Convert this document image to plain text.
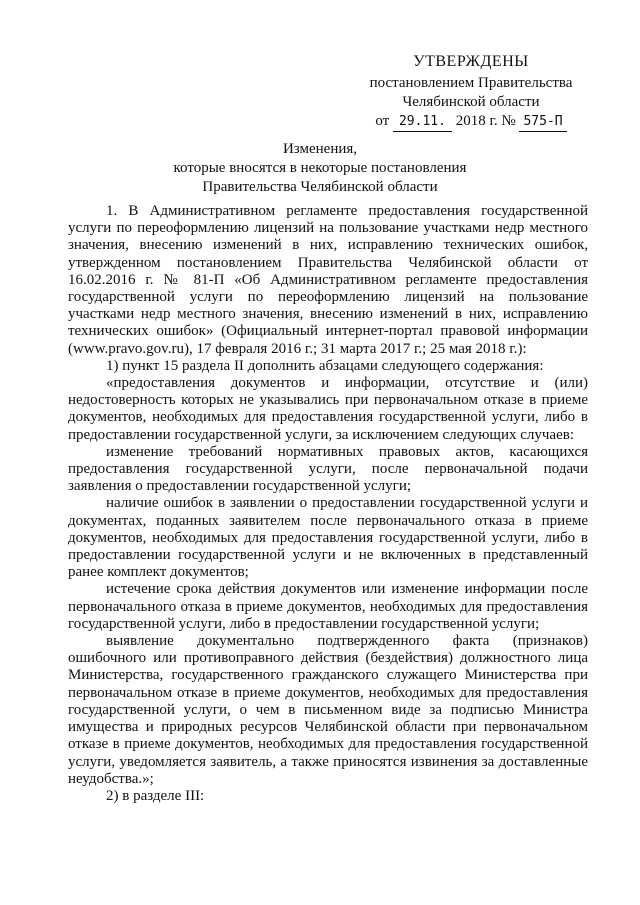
УТВЕРЖДЕНЫ
постановлением Правительства
Челябинской области
от 29.11. 2018 г. № 575-П
Изменения,
которые вносятся в некоторые постановления
Правительства Челябинской области

1. В Административном регламенте предоставления государственной услуги по переоформлению лицензий на пользование участками недр местного значения, внесению изменений в них, исправлению технических ошибок, утвержденном постановлением Правительства Челябинской области от 16.02.2016 г. № 81-П «Об Административном регламенте предоставления государственной услуги по переоформлению лицензий на пользование участками недр местного значения, внесению изменений в них, исправлению технических ошибок» (Официальный интернет-портал правовой информации (www.pravo.gov.ru), 17 февраля 2016 г.; 31 марта 2017 г.; 25 мая 2018 г.):

1) пункт 15 раздела II дополнить абзацами следующего содержания:

«предоставления документов и информации, отсутствие и (или) недостоверность которых не указывались при первоначальном отказе в приеме документов, необходимых для предоставления государственной услуги, либо в предоставлении государственной услуги, за исключением следующих случаев:

изменение требований нормативных правовых актов, касающихся предоставления государственной услуги, после первоначальной подачи заявления о предоставлении государственной услуги;

наличие ошибок в заявлении о предоставлении государственной услуги и документах, поданных заявителем после первоначального отказа в приеме документов, необходимых для предоставления государственной услуги, либо в предоставлении государственной услуги и не включенных в представленный ранее комплект документов;

истечение срока действия документов или изменение информации после первоначального отказа в приеме документов, необходимых для предоставления государственной услуги, либо в предоставлении государственной услуги;

выявление документально подтвержденного факта (признаков) ошибочного или противоправного действия (бездействия) должностного лица Министерства, государственного гражданского служащего Министерства при первоначальном отказе в приеме документов, необходимых для предоставления государственной услуги, о чем в письменном виде за подписью Министра имущества и природных ресурсов Челябинской области при первоначальном отказе в приеме документов, необходимых для предоставления государственной услуги, уведомляется заявитель, а также приносятся извинения за доставленные неудобства.»;

2) в разделе III:
